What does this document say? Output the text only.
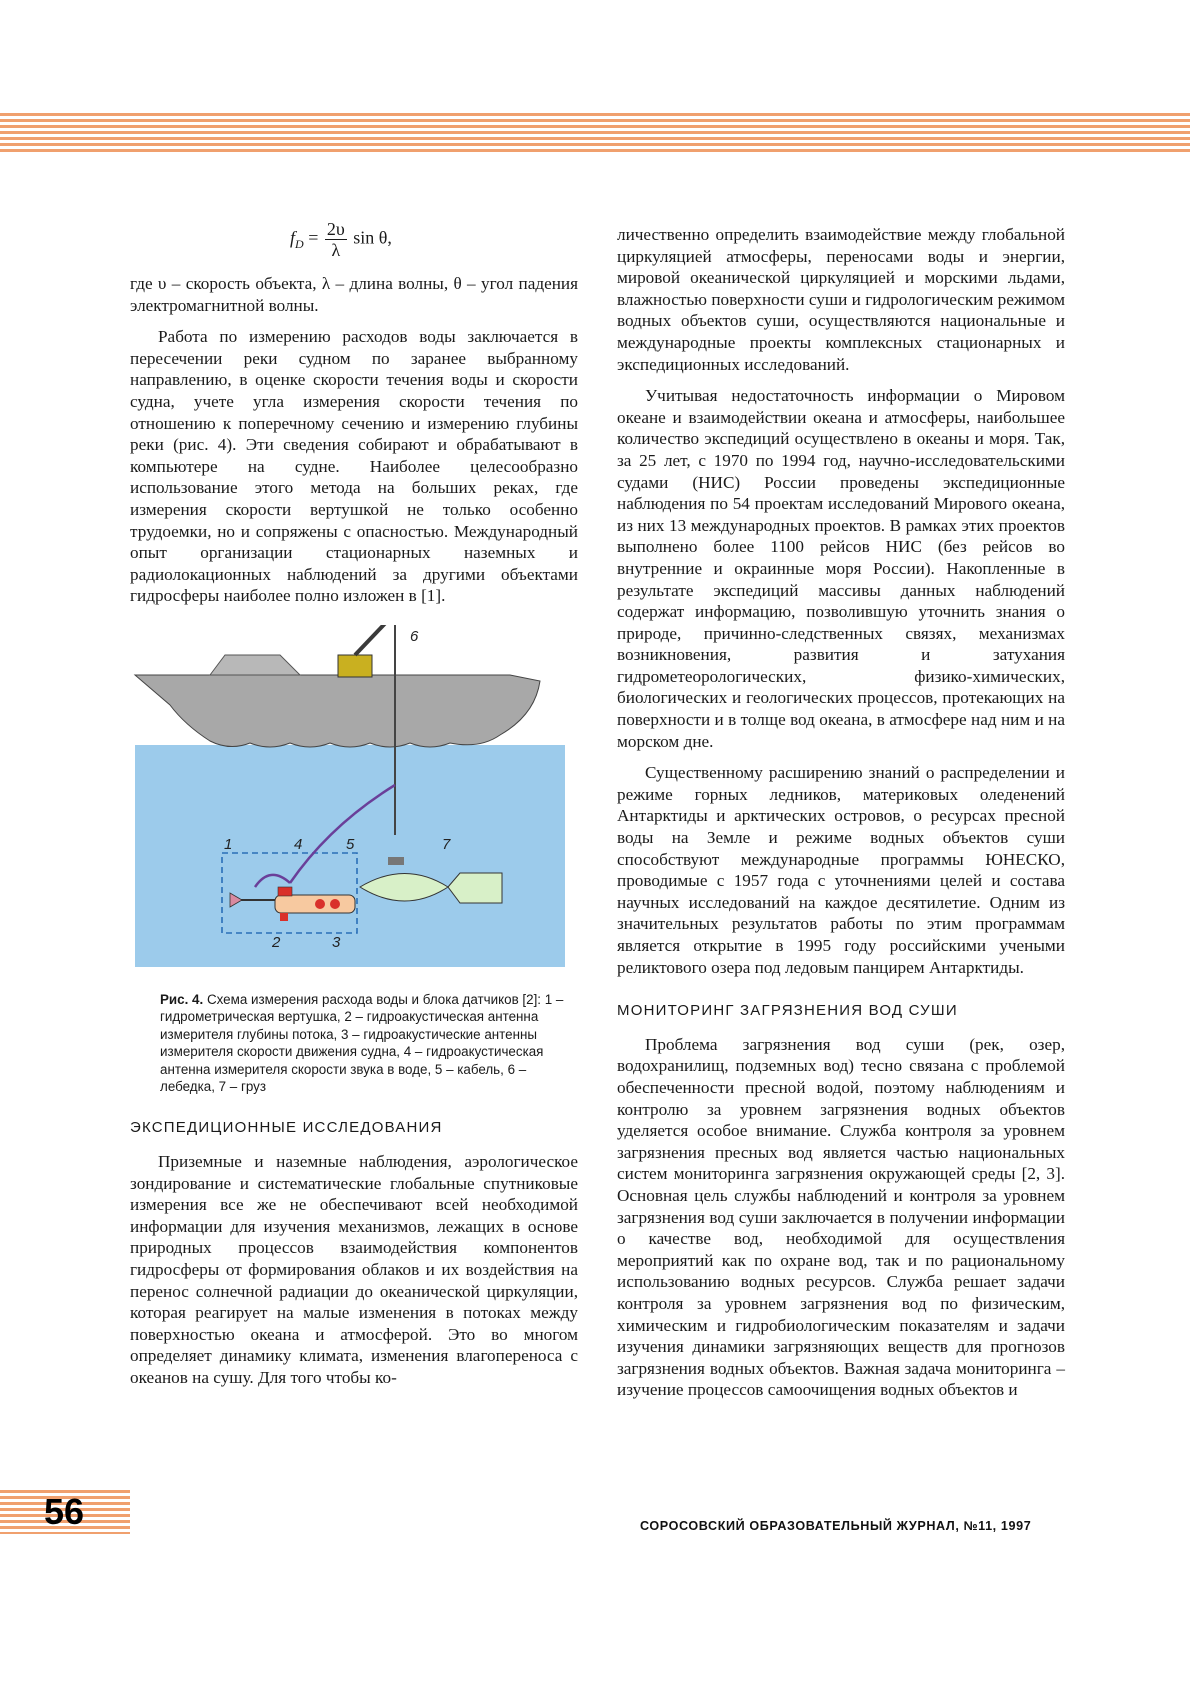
$f_D = \frac{2\upsilon}{\lambda}$ sin θ,

где υ – скорость объекта, λ – длина волны, θ – угол падения электромагнитной волны.

Работа по измерению расходов воды заключается в пересечении реки судном по заранее выбранному направлению, в оценке скорости течения воды и скорости судна, учете угла измерения скорости течения по отношению к поперечному сечению и измерению глубины реки (рис. 4). Эти сведения собирают и обрабатывают в компьютере на судне. Наиболее целесообразно использование этого метода на больших реках, где измерения скорости вертушкой не только особенно трудоемки, но и сопряжены с опасностью. Международный опыт организации стационарных наземных и радиолокационных наблюдений за другими объектами гидросферы наиболее полно изложен в [1].

1
2	3
4	5
6
7
Рис. 4. Схема измерения расхода воды и блока датчиков [2]: 1 – гидрометрическая вертушка, 2 – гидроакустическая антенна измерителя глубины потока, 3 – гидроакустические антенны измерителя скорости движения судна, 4 – гидроакустическая антенна измерителя скорости звука в воде, 5 – кабель, 6 – лебедка, 7 – груз
ЭКСПЕДИЦИОННЫЕ ИССЛЕДОВАНИЯ

Приземные и наземные наблюдения, аэрологическое зондирование и систематические глобальные спутниковые измерения все же не обеспечивают всей необходимой информации для изучения механизмов, лежащих в основе природных процессов взаимодействия компонентов гидросферы от формирования облаков и их воздействия на перенос солнечной радиации до океанической циркуляции, которая реагирует на малые изменения в потоках между поверхностью океана и атмосферой. Это во многом определяет динамику климата, изменения влагопереноса с океанов на сушу. Для того чтобы ко-

личественно определить взаимодействие между глобальной циркуляцией атмосферы, переносами воды и энергии, мировой океанической циркуляцией и морскими льдами, влажностью поверхности суши и гидрологическим режимом водных объектов суши, осуществляются национальные и международные проекты комплексных стационарных и экспедиционных исследований.

Учитывая недостаточность информации о Мировом океане и взаимодействии океана и атмосферы, наибольшее количество экспедиций осуществлено в океаны и моря. Так, за 25 лет, с 1970 по 1994 год, научно-исследовательскими судами (НИС) России проведены экспедиционные наблюдения по 54 проектам исследований Мирового океана, из них 13 международных проектов. В рамках этих проектов выполнено более 1100 рейсов НИС (без рейсов во внутренние и окраинные моря России). Накопленные в результате экспедиций массивы данных наблюдений содержат информацию, позволившую уточнить знания о природе, причинно-следственных связях, механизмах возникновения, развития и затухания гидрометеорологических, физико-химических, биологических и геологических процессов, протекающих на поверхности и в толще вод океана, в атмосфере над ним и на морском дне.

Существенному расширению знаний о распределении и режиме горных ледников, материковых оледенений Антарктиды и арктических островов, о ресурсах пресной воды на Земле и режиме водных объектов суши способствуют международные программы ЮНЕСКО, проводимые с 1957 года с уточнениями целей и состава научных исследований на каждое десятилетие. Одним из значительных результатов работы по этим программам является открытие в 1995 году российскими учеными реликтового озера под ледовым панцирем Антарктиды.

МОНИТОРИНГ ЗАГРЯЗНЕНИЯ ВОД СУШИ

Проблема загрязнения вод суши (рек, озер, водохранилищ, подземных вод) тесно связана с проблемой обеспеченности пресной водой, поэтому наблюдениям и контролю за уровнем загрязнения водных объектов уделяется особое внимание. Служба контроля за уровнем загрязнения пресных вод является частью национальных систем мониторинга загрязнения окружающей среды [2, 3]. Основная цель службы наблюдений и контроля за уровнем загрязнения вод суши заключается в получении информации о качестве вод, необходимой для осуществления мероприятий как по охране вод, так и по рациональному использованию водных ресурсов. Служба решает задачи контроля за уровнем загрязнения вод по физическим, химическим и гидробиологическим показателям и задачи изучения динамики загрязняющих веществ для прогнозов загрязнения водных объектов. Важная задача мониторинга – изучение процессов самоочищения водных объектов и

56	СОРОСОВСКИЙ ОБРАЗОВАТЕЛЬНЫЙ ЖУРНАЛ, №11, 1997
